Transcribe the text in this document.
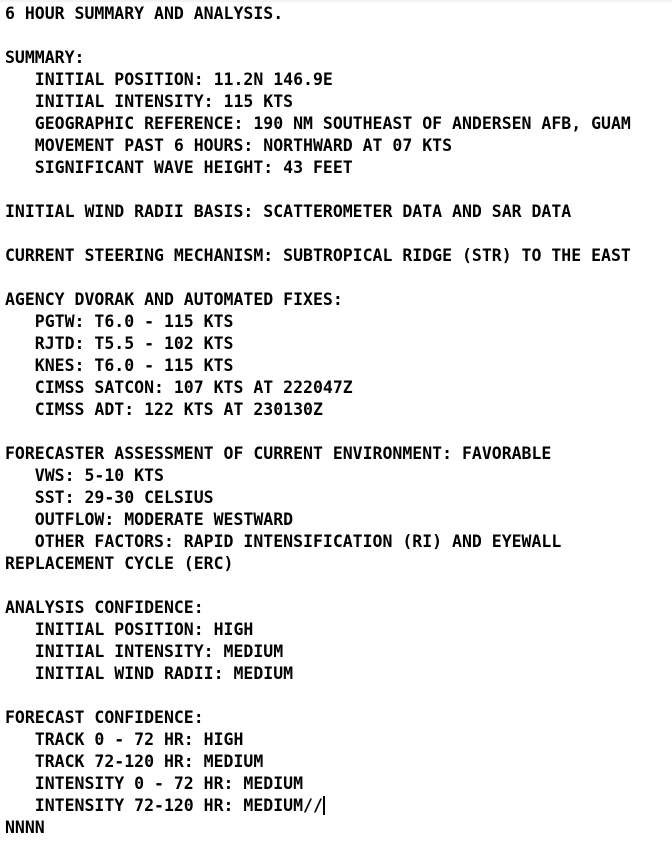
6 HOUR SUMMARY AND ANALYSIS.
SUMMARY:
INITIAL POSITION: 11.2N 146.9E
INITIAL INTENSITY: 115 KTS
GEOGRAPHIC REFERENCE: 190 NM SOUTHEAST OF ANDERSEN AFB, GUAM
MOVEMENT PAST 6 HOURS: NORTHWARD AT 07 KTS
SIGNIFICANT WAVE HEIGHT: 43 FEET
INITIAL WIND RADII BASIS: SCATTEROMETER DATA AND SAR DATA
CURRENT STEERING MECHANISM: SUBTROPICAL RIDGE (STR) TO THE EAST
AGENCY DVORAK AND AUTOMATED FIXES:
PGTW: T6.0 - 115 KTS
RJTD: T5.5 - 102 KTS
KNES: T6.0 - 115 KTS
CIMSS SATCON: 107 KTS AT 222047Z
CIMSS ADT: 122 KTS AT 230130Z
FORECASTER ASSESSMENT OF CURRENT ENVIRONMENT: FAVORABLE
VWS: 5-10 KTS
SST: 29-30 CELSIUS
OUTFLOW: MODERATE WESTWARD
OTHER FACTORS: RAPID INTENSIFICATION (RI) AND EYEWALL
REPLACEMENT CYCLE (ERC)
ANALYSIS CONFIDENCE:
INITIAL POSITION: HIGH
INITIAL INTENSITY: MEDIUM
INITIAL WIND RADII: MEDIUM
FORECAST CONFIDENCE:
TRACK 0 - 72 HR: HIGH
TRACK 72-120 HR: MEDIUM
INTENSITY 0 - 72 HR: MEDIUM
INTENSITY 72-120 HR: MEDIUM//
NNNN
